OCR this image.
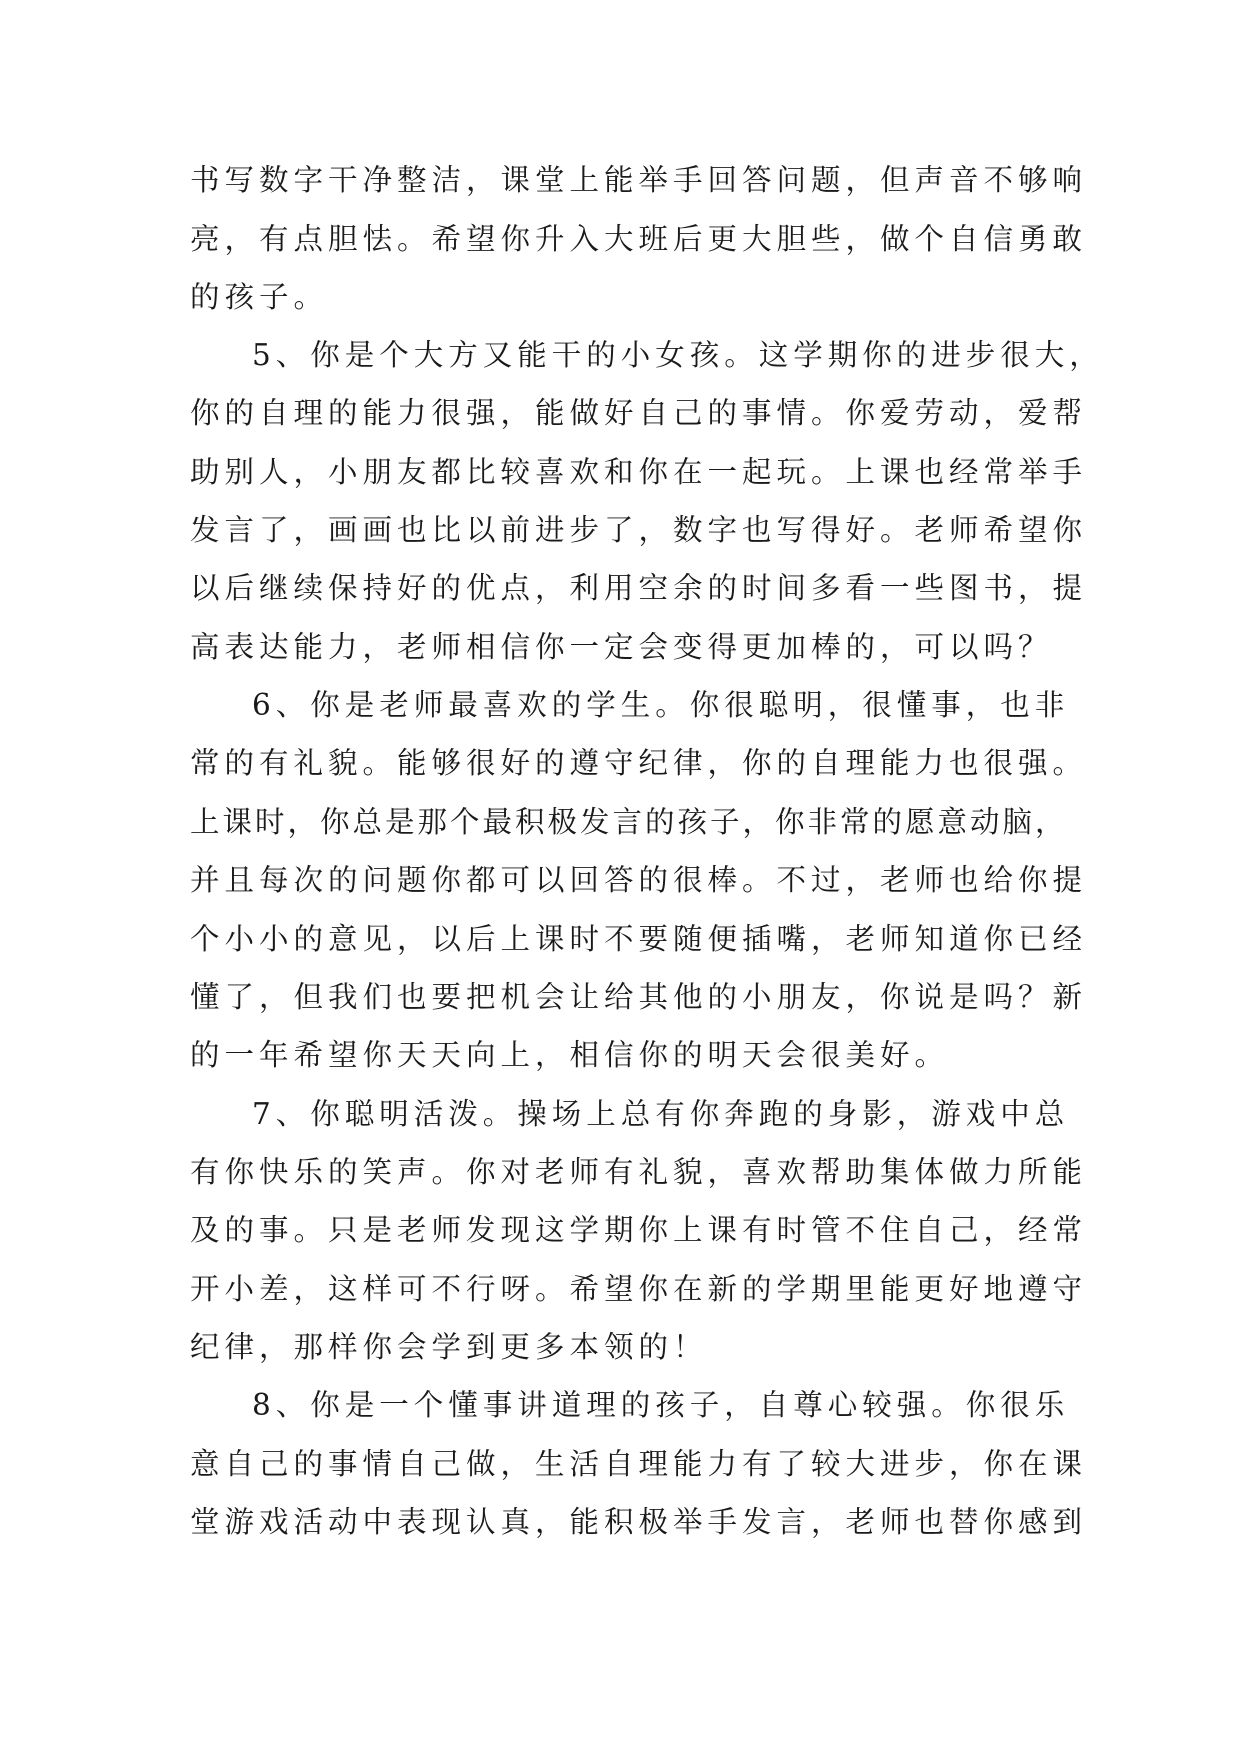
书写数字干净整洁，课堂上能举手回答问题，但声音不够响
亮，有点胆怯。希望你升入大班后更大胆些，做个自信勇敢
的孩子。
5、你是个大方又能干的小女孩。这学期你的进步很大，
你的自理的能力很强，能做好自己的事情。你爱劳动，爱帮
助别人，小朋友都比较喜欢和你在一起玩。上课也经常举手
发言了，画画也比以前进步了，数字也写得好。老师希望你
以后继续保持好的优点，利用空余的时间多看一些图书，提
高表达能力，老师相信你一定会变得更加棒的，可以吗？
6、你是老师最喜欢的学生。你很聪明，很懂事，也非
常的有礼貌。能够很好的遵守纪律，你的自理能力也很强。
上课时，你总是那个最积极发言的孩子，你非常的愿意动脑，
并且每次的问题你都可以回答的很棒。不过，老师也给你提
个小小的意见，以后上课时不要随便插嘴，老师知道你已经
懂了，但我们也要把机会让给其他的小朋友，你说是吗？新
的一年希望你天天向上，相信你的明天会很美好。
7、你聪明活泼。操场上总有你奔跑的身影，游戏中总
有你快乐的笑声。你对老师有礼貌，喜欢帮助集体做力所能
及的事。只是老师发现这学期你上课有时管不住自己，经常
开小差，这样可不行呀。希望你在新的学期里能更好地遵守
纪律，那样你会学到更多本领的！
8、你是一个懂事讲道理的孩子，自尊心较强。你很乐
意自己的事情自己做，生活自理能力有了较大进步，你在课
堂游戏活动中表现认真，能积极举手发言，老师也替你感到
